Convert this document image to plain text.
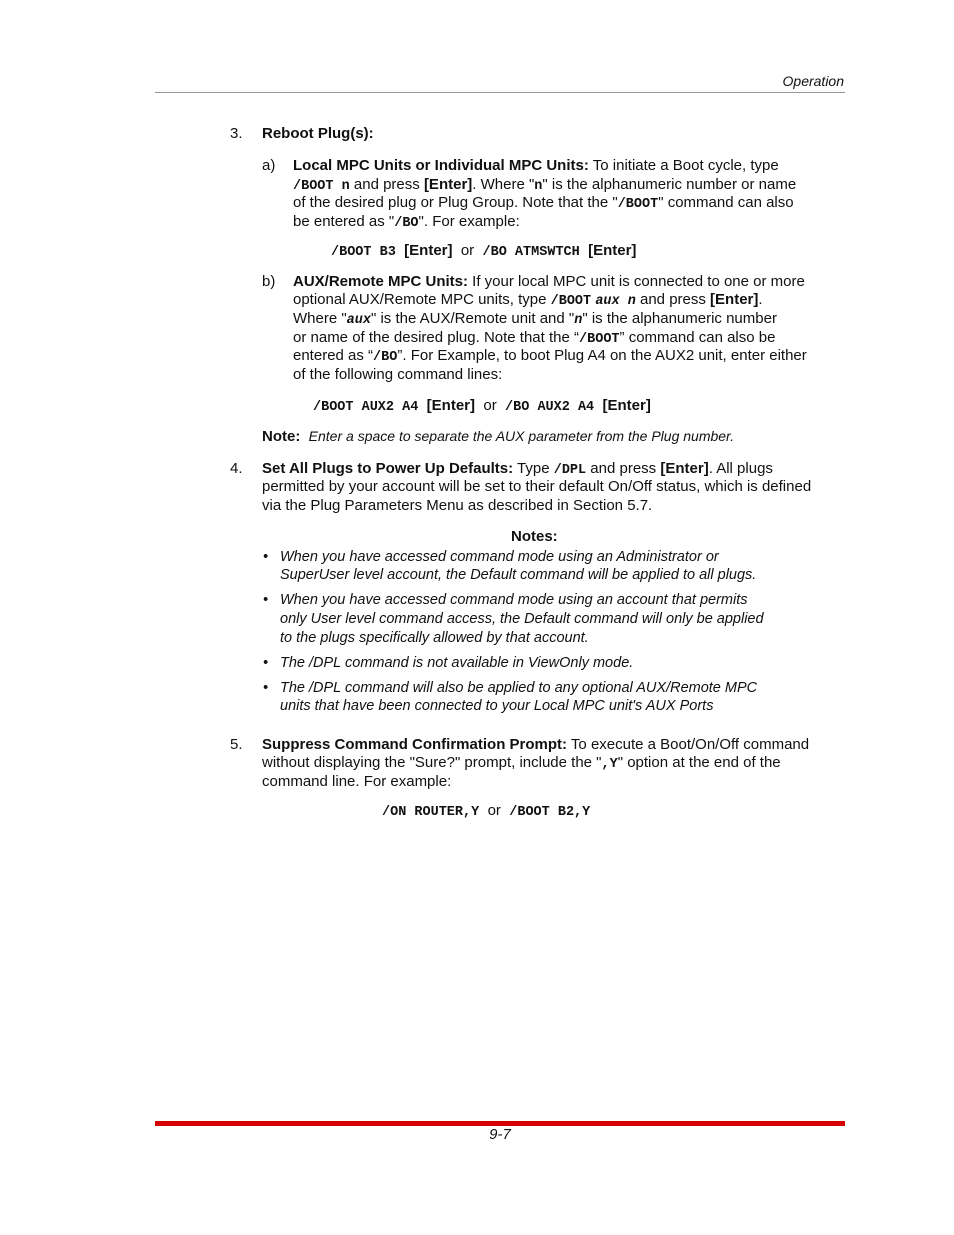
Operation
3. Reboot Plug(s):
a) Local MPC Units or Individual MPC Units: To initiate a Boot cycle, type
/BOOT n and press [Enter]. Where "n" is the alphanumeric number or name
of the desired plug or Plug Group. Note that the "/BOOT" command can also
be entered as "/BO". For example:
/BOOT B3 [Enter] or /BO ATMSWTCH [Enter]
b) AUX/Remote MPC Units: If your local MPC unit is connected to one or more
optional AUX/Remote MPC units, type /BOOT aux n and press [Enter].
Where "aux" is the AUX/Remote unit and "n" is the alphanumeric number
or name of the desired plug. Note that the “/BOOT” command can also be
entered as “/BO”. For Example, to boot Plug A4 on the AUX2 unit, enter either
of the following command lines:
/BOOT AUX2 A4 [Enter] or /BO AUX2 A4 [Enter]
Note: Enter a space to separate the AUX parameter from the Plug number.
4. Set All Plugs to Power Up Defaults: Type /DPL and press [Enter]. All plugs
permitted by your account will be set to their default On/Off status, which is defined
via the Plug Parameters Menu as described in Section 5.7.
Notes:
• When you have accessed command mode using an Administrator or
SuperUser level account, the Default command will be applied to all plugs.
• When you have accessed command mode using an account that permits
only User level command access, the Default command will only be applied
to the plugs specifically allowed by that account.
• The /DPL command is not available in ViewOnly mode.
• The /DPL command will also be applied to any optional AUX/Remote MPC
units that have been connected to your Local MPC unit's AUX Ports
5. Suppress Command Confirmation Prompt: To execute a Boot/On/Off command
without displaying the "Sure?" prompt, include the ",Y" option at the end of the
command line. For example:
/ON ROUTER,Y or /BOOT B2,Y
9-7
